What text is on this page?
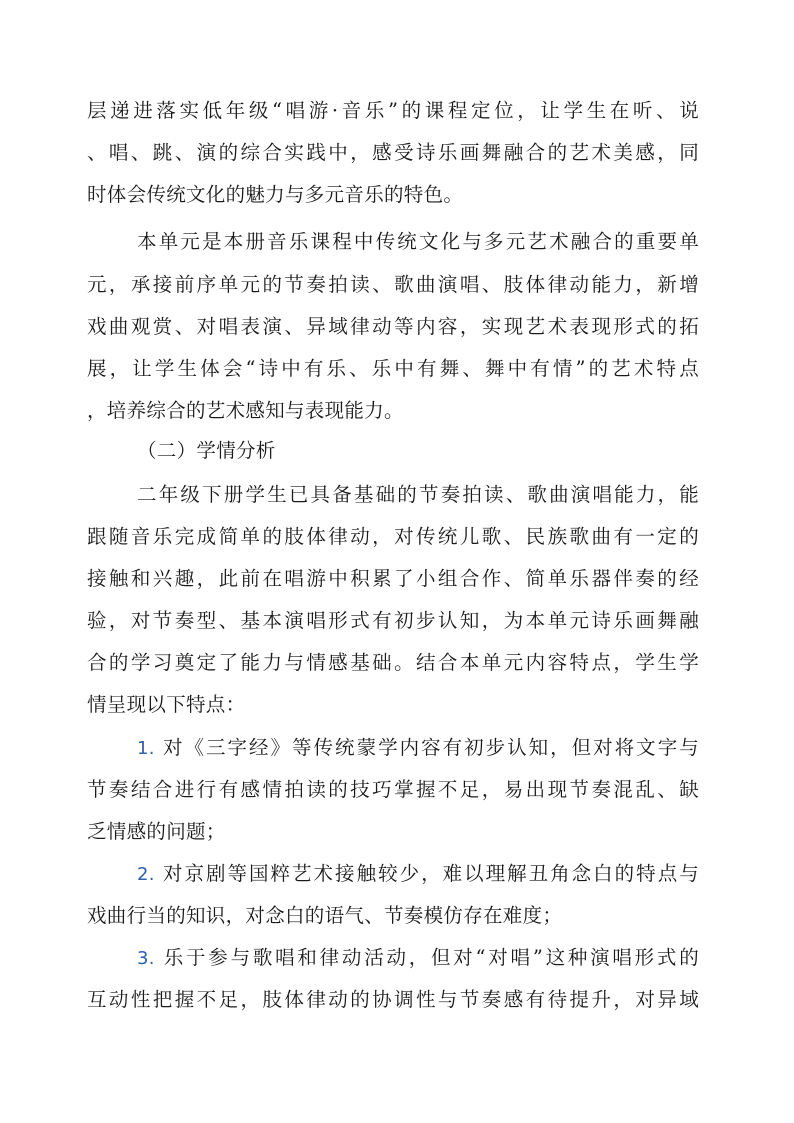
层递进落实低年级“唱游·音乐”的课程定位，让学生在听、说
、唱、跳、演的综合实践中，感受诗乐画舞融合的艺术美感，同
时体会传统文化的魅力与多元音乐的特色。
本单元是本册音乐课程中传统文化与多元艺术融合的重要单
元，承接前序单元的节奏拍读、歌曲演唱、肢体律动能力，新增
戏曲观赏、对唱表演、异域律动等内容，实现艺术表现形式的拓
展，让学生体会“诗中有乐、乐中有舞、舞中有情”的艺术特点
，培养综合的艺术感知与表现能力。
（二）学情分析
二年级下册学生已具备基础的节奏拍读、歌曲演唱能力，能
跟随音乐完成简单的肢体律动，对传统儿歌、民族歌曲有一定的
接触和兴趣，此前在唱游中积累了小组合作、简单乐器伴奏的经
验，对节奏型、基本演唱形式有初步认知，为本单元诗乐画舞融
合的学习奠定了能力与情感基础。结合本单元内容特点，学生学
情呈现以下特点：
1. 对《三字经》等传统蒙学内容有初步认知，但对将文字与
节奏结合进行有感情拍读的技巧掌握不足，易出现节奏混乱、缺
乏情感的问题；
2. 对京剧等国粹艺术接触较少，难以理解丑角念白的特点与
戏曲行当的知识，对念白的语气、节奏模仿存在难度；
3. 乐于参与歌唱和律动活动，但对“对唱”这种演唱形式的
互动性把握不足，肢体律动的协调性与节奏感有待提升，对异域
